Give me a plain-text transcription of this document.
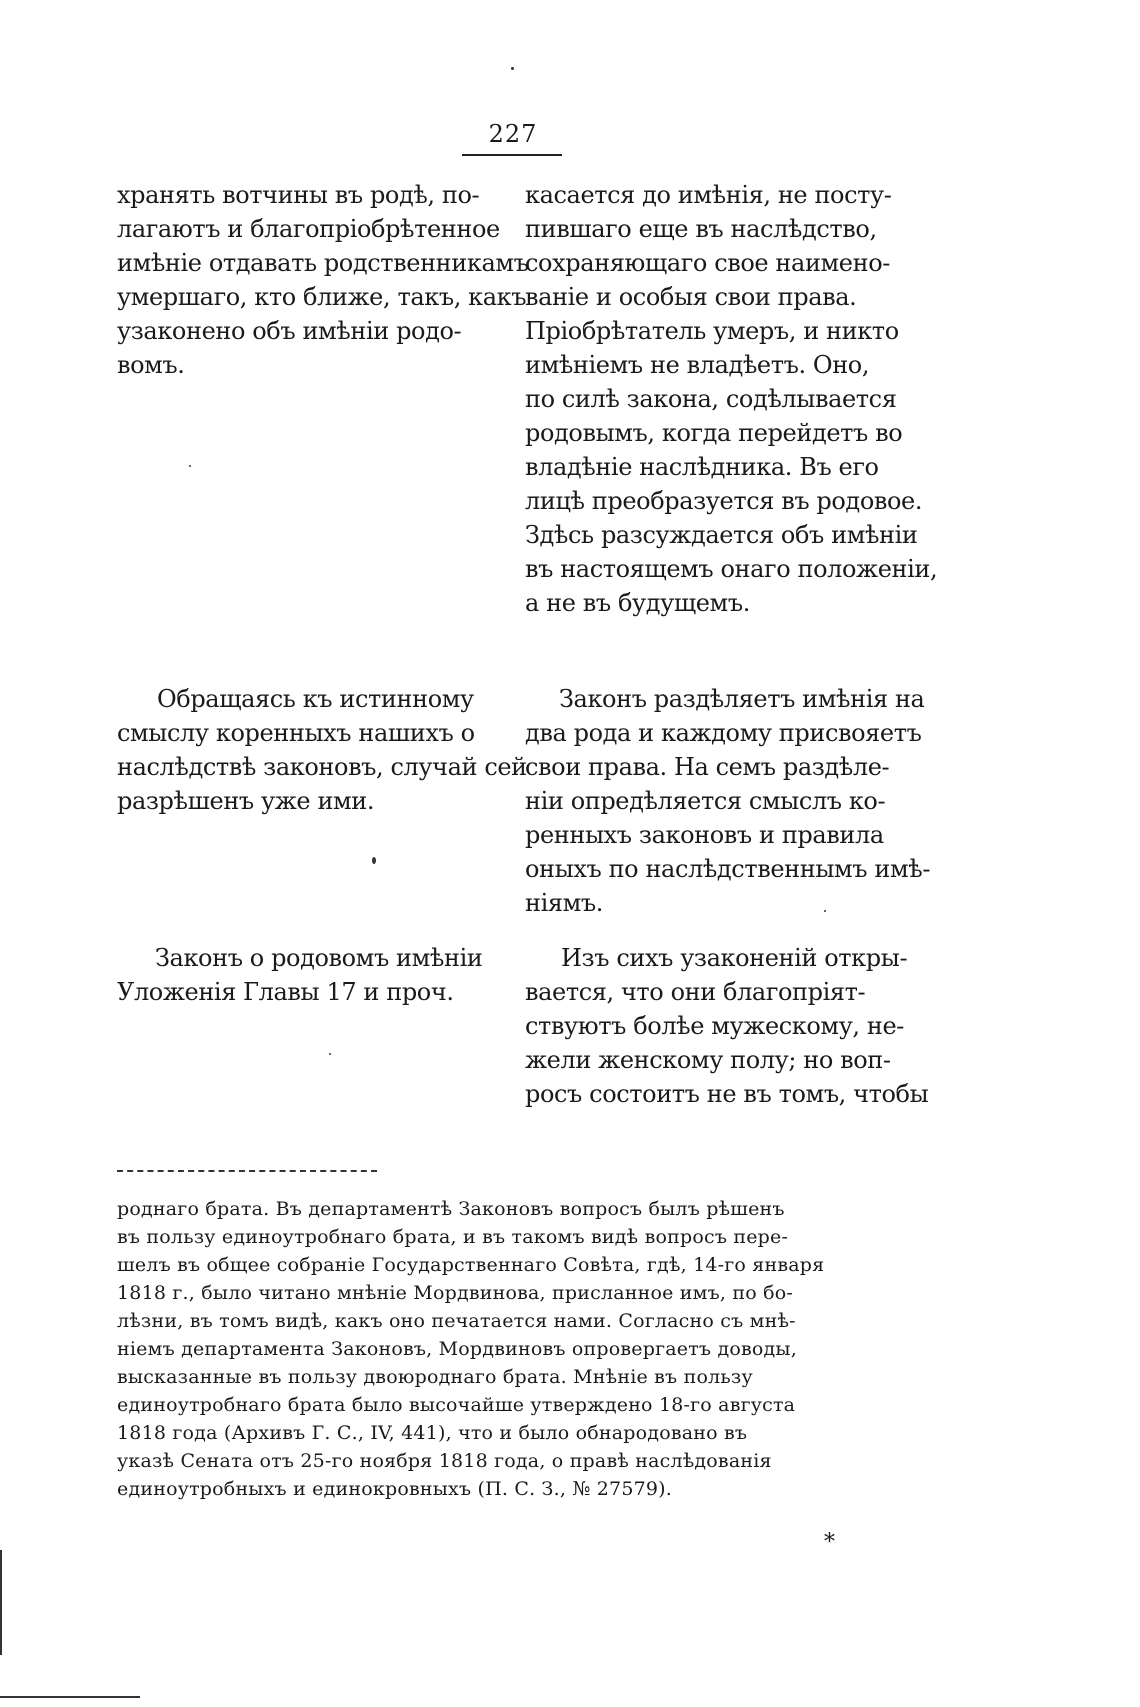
227
хранять вотчины въ родѣ, по-
лагаютъ и благопріобрѣтенное
имѣніе отдавать родственникамъ
умершаго, кто ближе, такъ, какъ
узаконено объ имѣніи родо-
вомъ.
Обращаясь къ истинному
смыслу коренныхъ нашихъ о
наслѣдствѣ законовъ, случай сей
разрѣшенъ уже ими.
Законъ о родовомъ имѣніи
Уложенія Главы 17 и проч.
касается до имѣнія, не посту-
пившаго еще въ наслѣдство,
сохраняющаго свое наимено-
ваніе и особыя свои права.
Пріобрѣтатель умеръ, и никто
имѣніемъ не владѣетъ. Оно,
по силѣ закона, содѣлывается
родовымъ, когда перейдетъ во
владѣніе наслѣдника. Въ его
лицѣ преобразуется въ родовое.
Здѣсь разсуждается объ имѣніи
въ настоящемъ онаго положеніи,
а не въ будущемъ.
Законъ раздѣляетъ имѣнія на
два рода и каждому присвояетъ
свои права. На семъ раздѣле-
ніи опредѣляется смыслъ ко-
ренныхъ законовъ и правила
оныхъ по наслѣдственнымъ имѣ-
ніямъ.
Изъ сихъ узаконеній откры-
вается, что они благопріят-
ствуютъ болѣе мужескому, не-
жели женскому полу; но воп-
росъ состоитъ не въ томъ, чтобы
роднаго брата. Въ департаментѣ Законовъ вопросъ былъ рѣшенъ
въ пользу единоутробнаго брата, и въ такомъ видѣ вопросъ пере-
шелъ въ общее собраніе Государственнаго Совѣта, гдѣ, 14-го января
1818 г., было читано мнѣніе Мордвинова, присланное имъ, по бо-
лѣзни, въ томъ видѣ, какъ оно печатается нами. Согласно съ мнѣ-
ніемъ департамента Законовъ, Мордвиновъ опровергаетъ доводы,
высказанные въ пользу двоюроднаго брата. Мнѣніе въ пользу
единоутробнаго брата было высочайше утверждено 18-го августа
1818 года (Архивъ Г. С., IV, 441), что и было обнародовано въ
указѣ Сената отъ 25-го ноября 1818 года, о правѣ наслѣдованія
единоутробныхъ и единокровныхъ (П. С. З., № 27579).
*
